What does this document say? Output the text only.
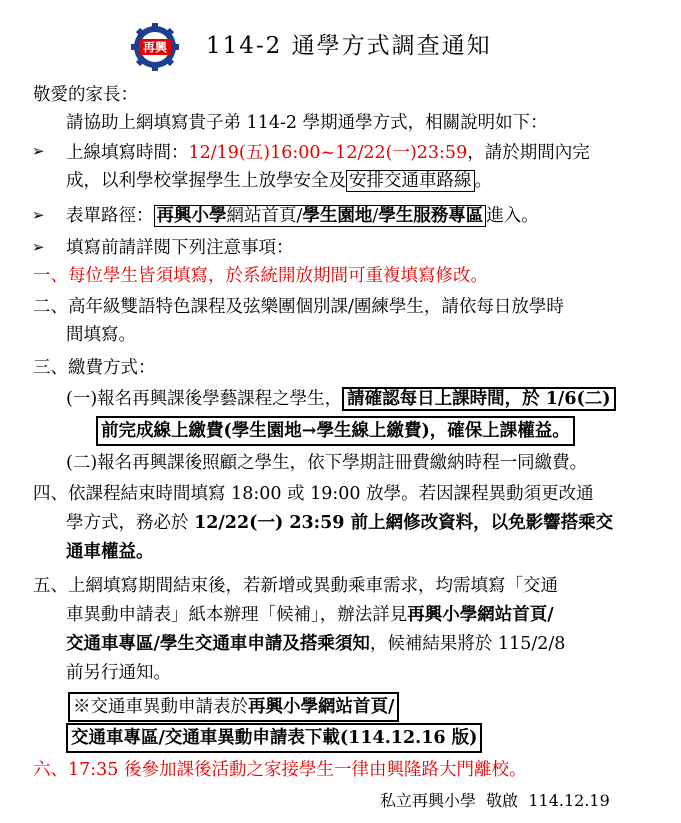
再興 114-2 通學方式調查通知
敬愛的家長：
請協助上網填寫貴子弟 114-2 學期通學方式，相關說明如下：
➢ 上線填寫時間：12/19(五)16:00~12/22(一)23:59，請於期間內完
成，以利學校掌握學生上放學安全及 安排交通車路線 。
➢ 表單路徑： 再興小學網站首頁/學生園地/學生服務專區 進入。
➢ 填寫前請詳閱下列注意事項：
一、每位學生皆須填寫，於系統開放期間可重複填寫修改。
二、高年級雙語特色課程及弦樂團個別課/團練學生，請依每日放學時
間填寫。
三、繳費方式：
(一)報名再興課後學藝課程之學生， 請確認每日上課時間，於 1/6(二)
前完成線上繳費(學生園地→學生線上繳費)，確保上課權益。
(二)報名再興課後照顧之學生，依下學期註冊費繳納時程一同繳費。
四、依課程結束時間填寫 18:00 或 19:00 放學。若因課程異動須更改通
學方式，務必於 12/22(一) 23:59 前上網修改資料，以免影響搭乘交
通車權益。
五、上網填寫期間結束後，若新增或異動乘車需求，均需填寫「交通
車異動申請表」紙本辦理「候補」，辦法詳見再興小學網站首頁/
交通車專區/學生交通車申請及搭乘須知，候補結果將於 115/2/8
前另行通知。
※交通車異動申請表於再興小學網站首頁/
交通車專區/交通車異動申請表下載(114.12.16 版)
六、17:35 後參加課後活動之家接學生一律由興隆路大門離校。
私立再興小學  敬啟  114.12.19
